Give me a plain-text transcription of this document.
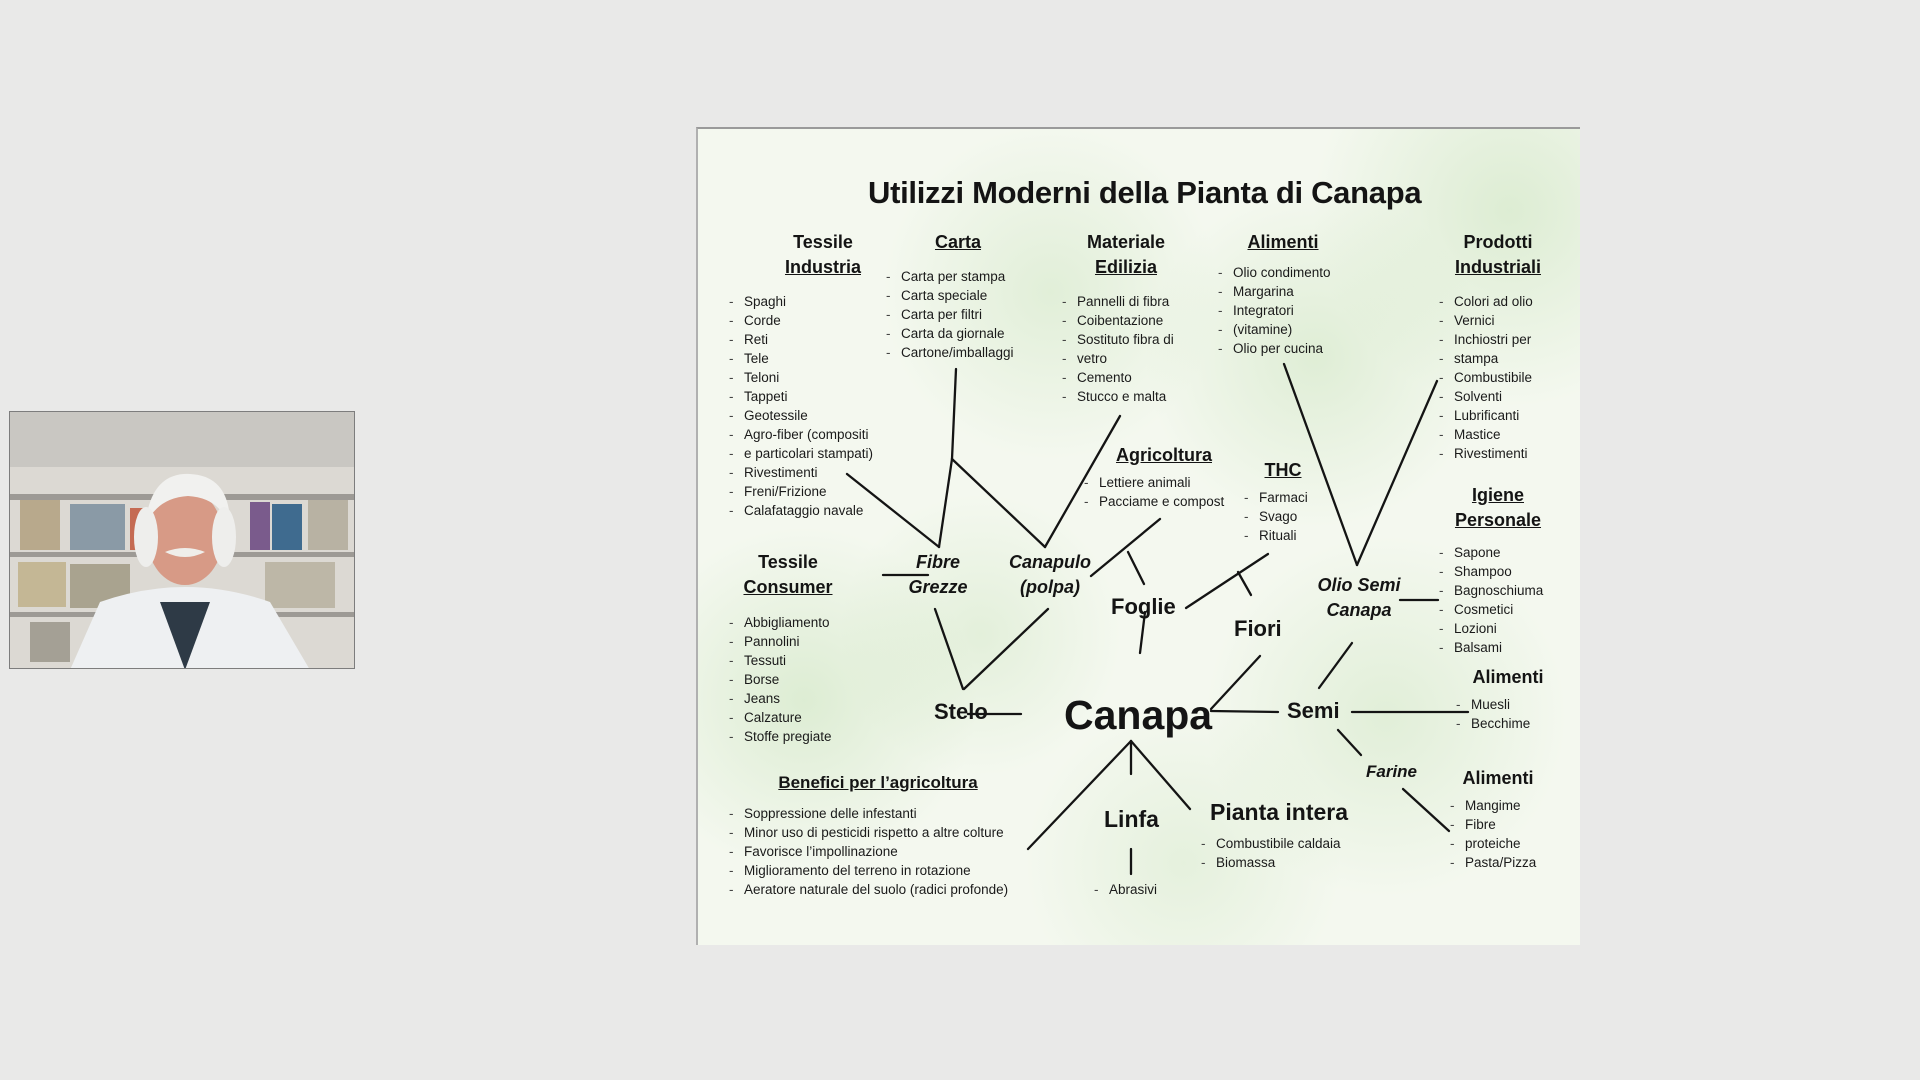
Utilizzi Moderni della Pianta di Canapa
Tessile
Industria
- Spaghi
- Corde
- Reti
- Tele
- Teloni
- Tappeti
- Geotessile
- Agro-fiber (compositi
- e particolari stampati)
- Rivestimenti
- Freni/Frizione
- Calafataggio navale
Carta
- Carta per stampa
- Carta speciale
- Carta per filtri
- Carta da giornale
- Cartone/imballaggi
Materiale
Edilizia
- Pannelli di fibra
- Coibentazione
- Sostituto fibra di
- vetro
- Cemento
- Stucco e malta
Alimenti
- Olio condimento
- Margarina
- Integratori
- (vitamine)
- Olio per cucina
Prodotti
Industriali
- Colori ad olio
- Vernici
- Inchiostri per
- stampa
- Combustibile
- Solventi
- Lubrificanti
- Mastice
- Rivestimenti
Agricoltura
- Lettiere animali
- Pacciame e compost
THC
- Farmaci
- Svago
- Rituali
Igiene
Personale
- Sapone
- Shampoo
- Bagnoschiuma
- Cosmetici
- Lozioni
- Balsami
Tessile
Consumer
- Abbigliamento
- Pannolini
- Tessuti
- Borse
- Jeans
- Calzature
- Stoffe pregiate
Fibre
Grezze
Canapulo
(polpa)
Foglie
Fiori
Olio Semi
Canapa
Stelo Canapa	Semi
Alimenti
- Muesli
- Becchime
Farine	Alimenti
- Mangime
- Fibre
- proteiche
- Pasta/Pizza
Benefici per l’agricoltura
- Soppressione delle infestanti
- Minor uso di pesticidi rispetto a altre colture
- Favorisce l’impollinazione
- Miglioramento del terreno in rotazione
- Aeratore naturale del suolo (radici profonde)
Linfa
- Abrasivi
Pianta intera
- Combustibile caldaia
- Biomassa
